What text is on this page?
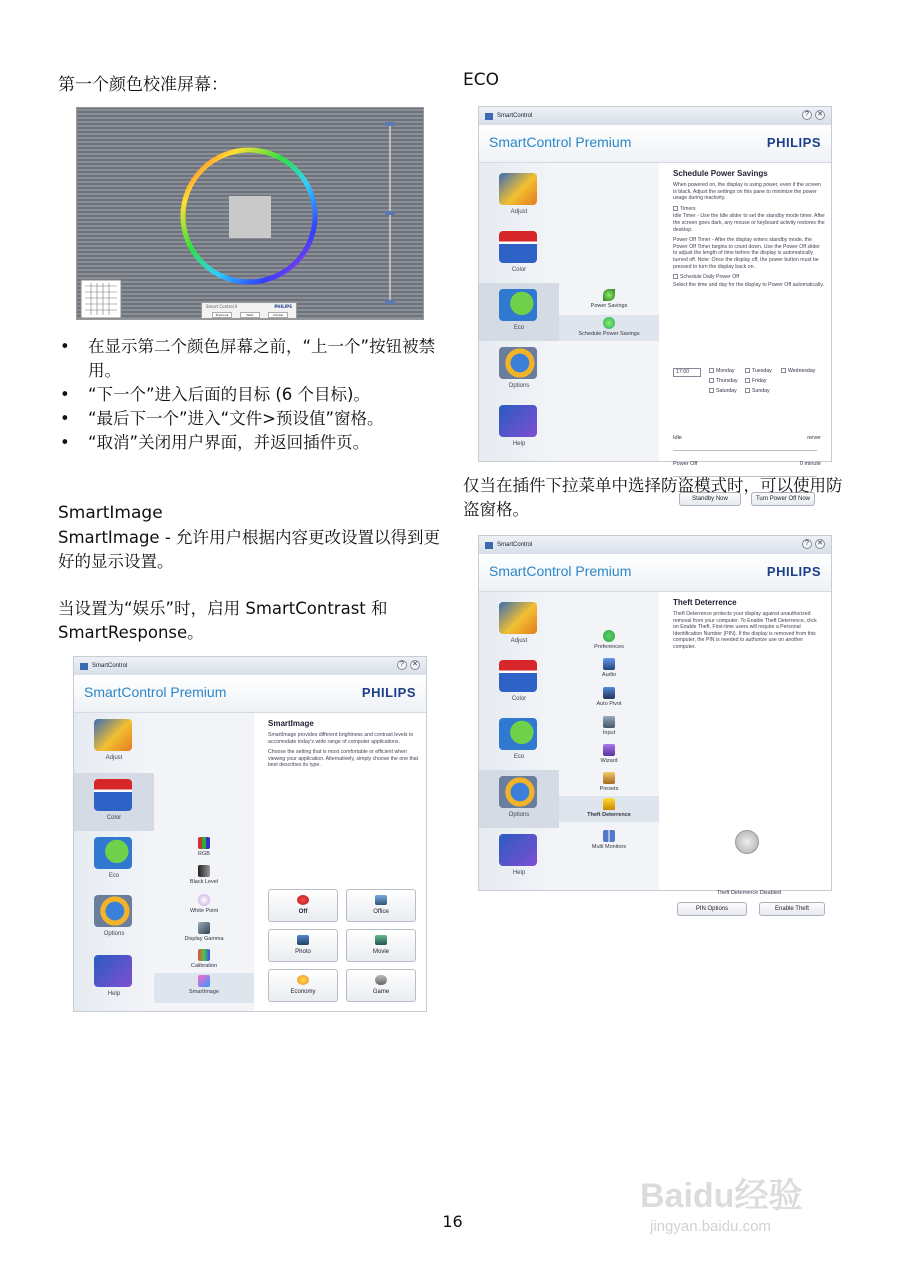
第一个颜色校准屏幕：
Smart Control II	PHILIPS
Previous	Next	Cancel
• 在显示第二个颜色屏幕之前，“上一个”按钮被禁用。
• “下一个”进入后面的目标 (6 个目标)。
• “最后下一个”进入“文件>预设值”窗格。
• “取消”关闭用户界面，并返回插件页。
SmartImage
SmartImage - 允许用户根据内容更改设置以得到更好的显示设置。
当设置为“娱乐”时，启用 SmartContrast 和 SmartResponse。
SmartControl	?	✕
SmartControl Premium	PHILIPS
Adjust
Color
Eco
Options
Help
RGB
Black Level
White Point
Display Gamma
Calibration
SmartImage
SmartImage
SmartImage provides different brightness and contrast levels to accomodate today's wide range of computer applications.
Choose the setting that is most comfortable or efficient when viewing your application. Alternatively, simply choose the one that best describes its type.
Off	Office
Photo	Movie
Economy	Game
ECO
SmartControl	?	✕
SmartControl Premium	PHILIPS
Adjust
Color
Eco
Options
Help
Power Savings
Schedule Power Savings
Schedule Power Savings
When powered on, the display is using power, even if the screen is black. Adjust the settings on this pane to minimize the power usage during inactivity.
Timers
Idle Timer - Use the Idle slider to set the standby mode timer. After the screen goes dark, any mouse or keyboard activity restores the desktop.
Power Off Timer - After the display enters standby mode, the Power Off Timer begins to count down. Use the Power Off slider to adjust the length of time before the display is automatically turned off. Note: Once the display off, the power button must be pressed to turn the display back on.
Schedule Daily Power Off
Select the time and day for the display to Power Off automatically.
17:00	Monday	Tuesday	Wednesday
Thursday	Friday
Saturday	Sunday
Idle	never
Power Off	0 minute
Standby Now	Turn Power Off Now
仅当在插件下拉菜单中选择防盗模式时，可以使用防盗窗格。
SmartControl	?	✕
SmartControl Premium	PHILIPS
Adjust
Color
Eco
Options
Help
Preferences
Audio
Auto Pivot
Input
Wizard
Presets
Theft Deterrence
Multi Monitors
Theft Deterrence
Theft Deterrence protects your display against unauthorized removal from your computer. To Enable Theft Deterrence, click on Enable Theft. First-time users will require a Personal Identification Number (PIN). If the display is removed from this computer, the PIN is needed to authorize use on another computer.
Theft Deterrence Disabled
PIN Options	Enable Theft
16
Baidu经验
jingyan.baidu.com
